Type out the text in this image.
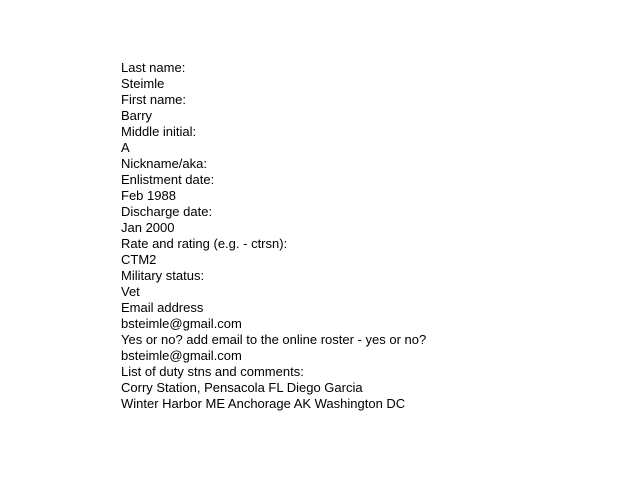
Last name:
Steimle
First name:
Barry
Middle initial:
A
Nickname/aka:
Enlistment date:
Feb 1988
Discharge date:
Jan 2000
Rate and rating (e.g. - ctrsn):
CTM2
Military status:
Vet
Email address
bsteimle@gmail.com
Yes or no? add email to the online roster - yes or no?
bsteimle@gmail.com
List of duty stns and comments:
Corry Station, Pensacola FL Diego Garcia
Winter Harbor ME Anchorage AK Washington DC
